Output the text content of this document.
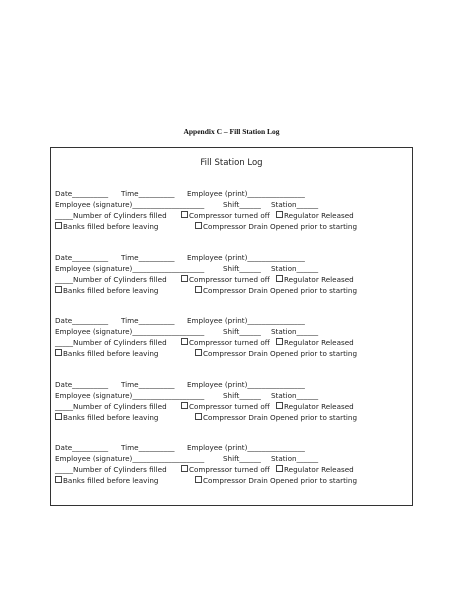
Appendix C – Fill Station Log
Fill Station Log
Date__________ Time__________ Employee (print)________________
Employee (signature)____________________	Shift______ Station______
_____Number of Cylinders filled	Compressor turned off	Regulator Released
Banks filled before leaving	Compressor Drain Opened prior to starting
Date__________ Time__________ Employee (print)________________
Employee (signature)____________________	Shift______ Station______
_____Number of Cylinders filled	Compressor turned off	Regulator Released
Banks filled before leaving	Compressor Drain Opened prior to starting
Date__________ Time__________ Employee (print)________________
Employee (signature)____________________	Shift______ Station______
_____Number of Cylinders filled	Compressor turned off	Regulator Released
Banks filled before leaving	Compressor Drain Opened prior to starting
Date__________ Time__________ Employee (print)________________
Employee (signature)____________________	Shift______ Station______
_____Number of Cylinders filled	Compressor turned off	Regulator Released
Banks filled before leaving	Compressor Drain Opened prior to starting
Date__________ Time__________ Employee (print)________________
Employee (signature)____________________	Shift______ Station______
_____Number of Cylinders filled	Compressor turned off	Regulator Released
Banks filled before leaving	Compressor Drain Opened prior to starting
